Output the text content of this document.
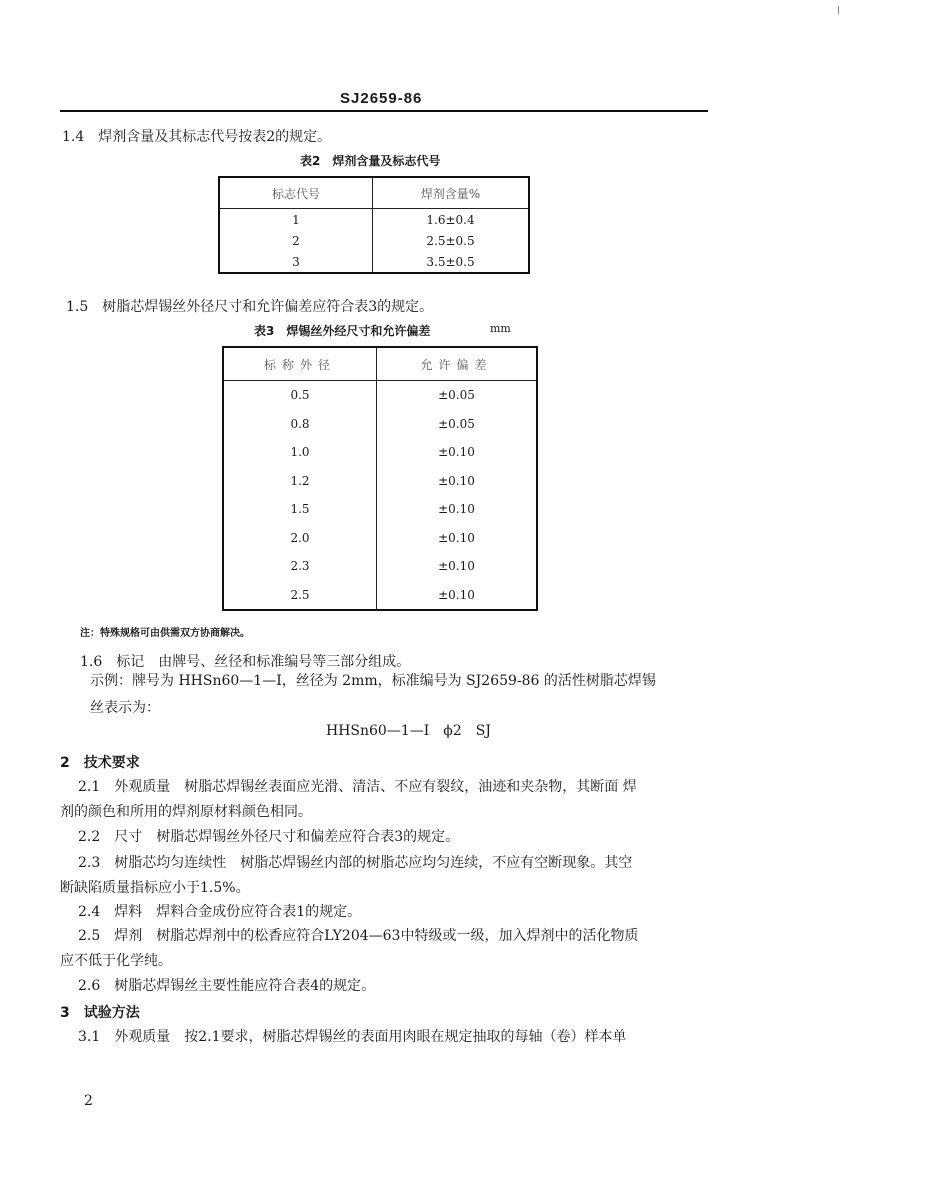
SJ2659-86
1.4　焊剂含量及其标志代号按表2的规定。
表2　焊剂含量及标志代号
标志代号	焊剂含量%
1	1.6±0.4
2	2.5±0.5
3	3.5±0.5
1.5　树脂芯焊锡丝外径尺寸和允许偏差应符合表3的规定。
表3　焊锡丝外经尺寸和允许偏差	mm
标称外径	允许偏差
0.5	±0.05
0.8	±0.05
1.0	±0.10
1.2	±0.10
1.5	±0.10
2.0	±0.10
2.3	±0.10
2.5	±0.10
注：特殊规格可由供需双方协商解决。
1.6　标记　由牌号、丝径和标准编号等三部分组成。
示例：牌号为 HHSn60—1—I，丝径为 2mm，标准编号为 SJ2659-86 的活性树脂芯焊锡
丝表示为：
HHSn60—1—I　ϕ2　SJ
2　技术要求
2.1　外观质量　树脂芯焊锡丝表面应光滑、清洁、不应有裂纹，油迹和夹杂物，其断面 焊
剂的颜色和所用的焊剂原材料颜色相同。
2.2　尺寸　树脂芯焊锡丝外径尺寸和偏差应符合表3的规定。
2.3　树脂芯均匀连续性　树脂芯焊锡丝内部的树脂芯应均匀连续，不应有空断现象。其空
断缺陷质量指标应小于1.5%。
2.4　焊料　焊料合金成份应符合表1的规定。
2.5　焊剂　树脂芯焊剂中的松香应符合LY204—63中特级或一级，加入焊剂中的活化物质
应不低于化学纯。
2.6　树脂芯焊锡丝主要性能应符合表4的规定。
3　试验方法
3.1　外观质量　按2.1要求，树脂芯焊锡丝的表面用肉眼在规定抽取的每轴（卷）样本单
2
